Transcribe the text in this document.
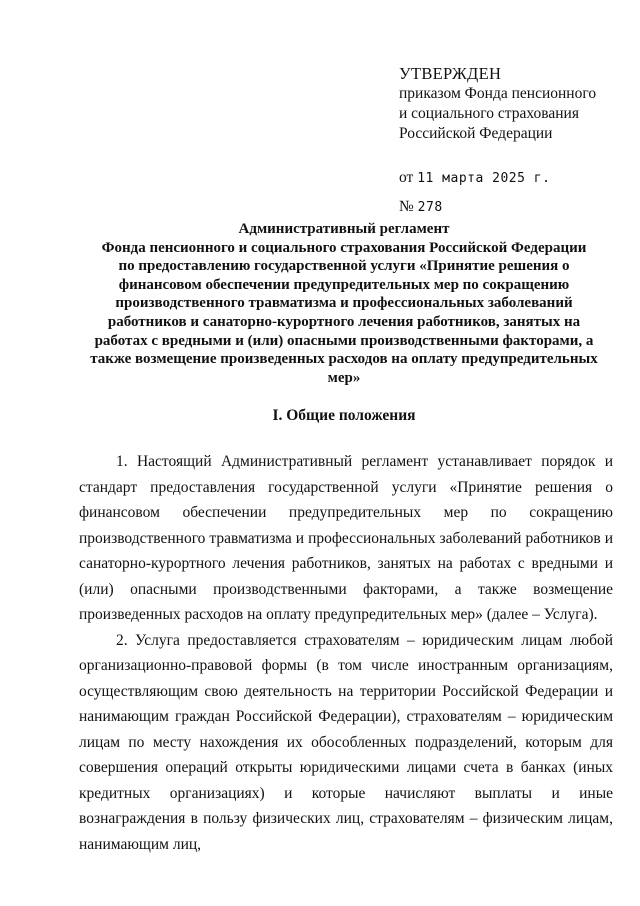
УТВЕРЖДЕН
приказом Фонда пенсионного
и социального страхования
Российской Федерации
от 11 марта 2025 г.
№ 278
Административный регламент
Фонда пенсионного и социального страхования Российской Федерации
по предоставлению государственной услуги «Принятие решения о
финансовом обеспечении предупредительных мер по сокращению
производственного травматизма и профессиональных заболеваний
работников и санаторно-курортного лечения работников, занятых на
работах с вредными и (или) опасными производственными факторами, а
также возмещение произведенных расходов на оплату предупредительных
мер»
I. Общие положения

1. Настоящий Административный регламент устанавливает порядок и стандарт предоставления государственной услуги «Принятие решения о финансовом обеспечении предупредительных мер по сокращению производственного травматизма и профессиональных заболеваний работников и санаторно-курортного лечения работников, занятых на работах с вредными и (или) опасными производственными факторами, а также возмещение произведенных расходов на оплату предупредительных мер» (далее – Услуга).

2. Услуга предоставляется страхователям – юридическим лицам любой организационно-правовой формы (в том числе иностранным организациям, осуществляющим свою деятельность на территории Российской Федерации и нанимающим граждан Российской Федерации), страхователям – юридическим лицам по месту нахождения их обособленных подразделений, которым для совершения операций открыты юридическими лицами счета в банках (иных кредитных организациях) и которые начисляют выплаты и иные вознаграждения в пользу физических лиц, страхователям – физическим лицам, нанимающим лиц,
